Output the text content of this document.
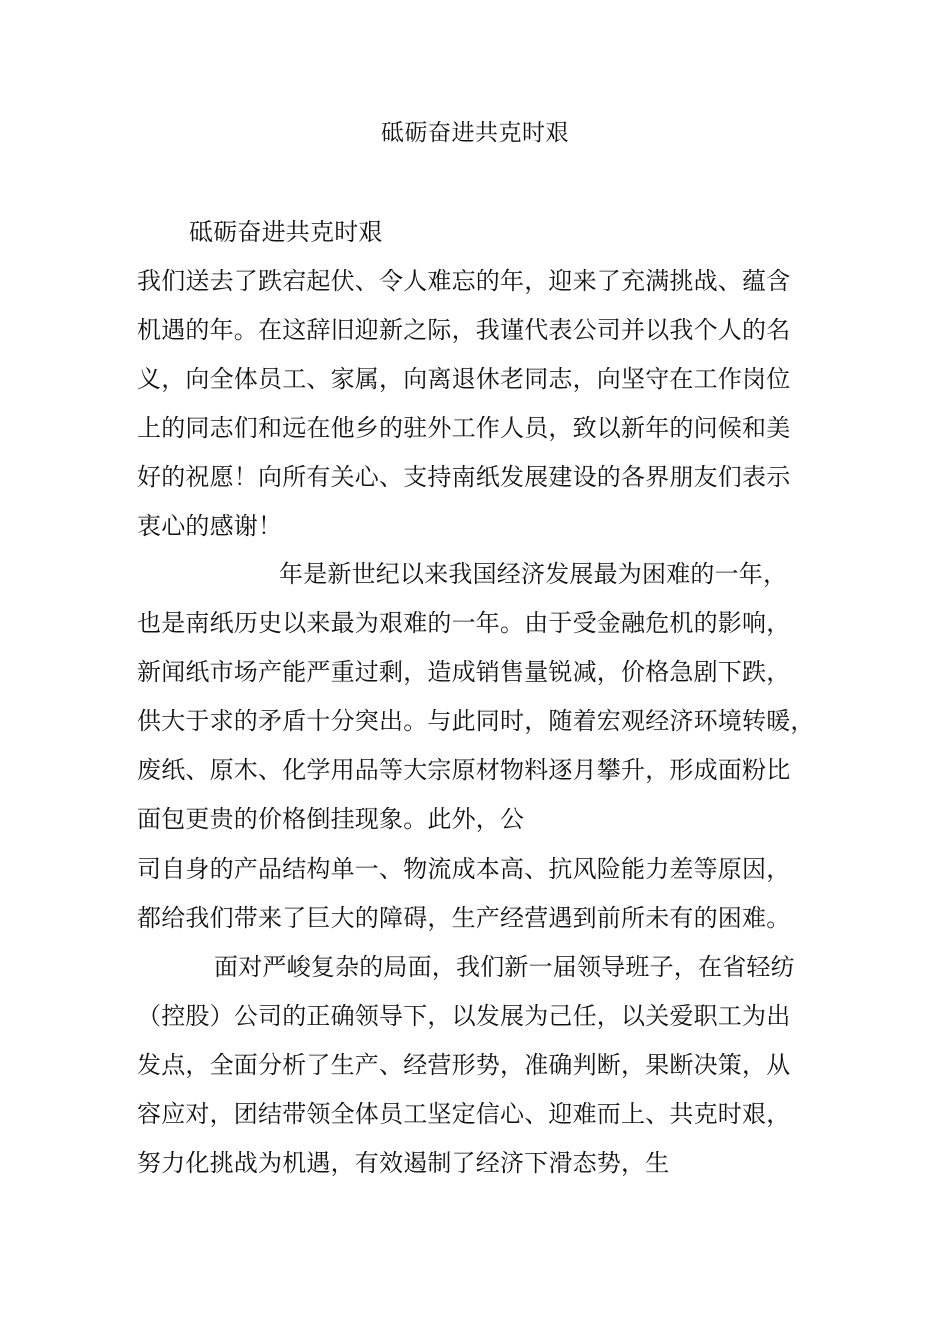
砥砺奋进共克时艰
砥砺奋进共克时艰
我们送去了跌宕起伏、令人难忘的年，迎来了充满挑战、蕴含
机遇的年。在这辞旧迎新之际，我谨代表公司并以我个人的名
义，向全体员工、家属，向离退休老同志，向坚守在工作岗位
上的同志们和远在他乡的驻外工作人员，致以新年的问候和美
好的祝愿！向所有关心、支持南纸发展建设的各界朋友们表示
衷心的感谢！
年是新世纪以来我国经济发展最为困难的一年，
也是南纸历史以来最为艰难的一年。由于受金融危机的影响，
新闻纸市场产能严重过剩，造成销售量锐减，价格急剧下跌，
供大于求的矛盾十分突出。与此同时，随着宏观经济环境转暖，
废纸、原木、化学用品等大宗原材物料逐月攀升，形成面粉比
面包更贵的价格倒挂现象。此外，公
司自身的产品结构单一、物流成本高、抗风险能力差等原因，
都给我们带来了巨大的障碍，生产经营遇到前所未有的困难。
面对严峻复杂的局面，我们新一届领导班子，在省轻纺
（控股）公司的正确领导下，以发展为己任，以关爱职工为出
发点，全面分析了生产、经营形势，准确判断，果断决策，从
容应对，团结带领全体员工坚定信心、迎难而上、共克时艰，
努力化挑战为机遇，有效遏制了经济下滑态势，生
